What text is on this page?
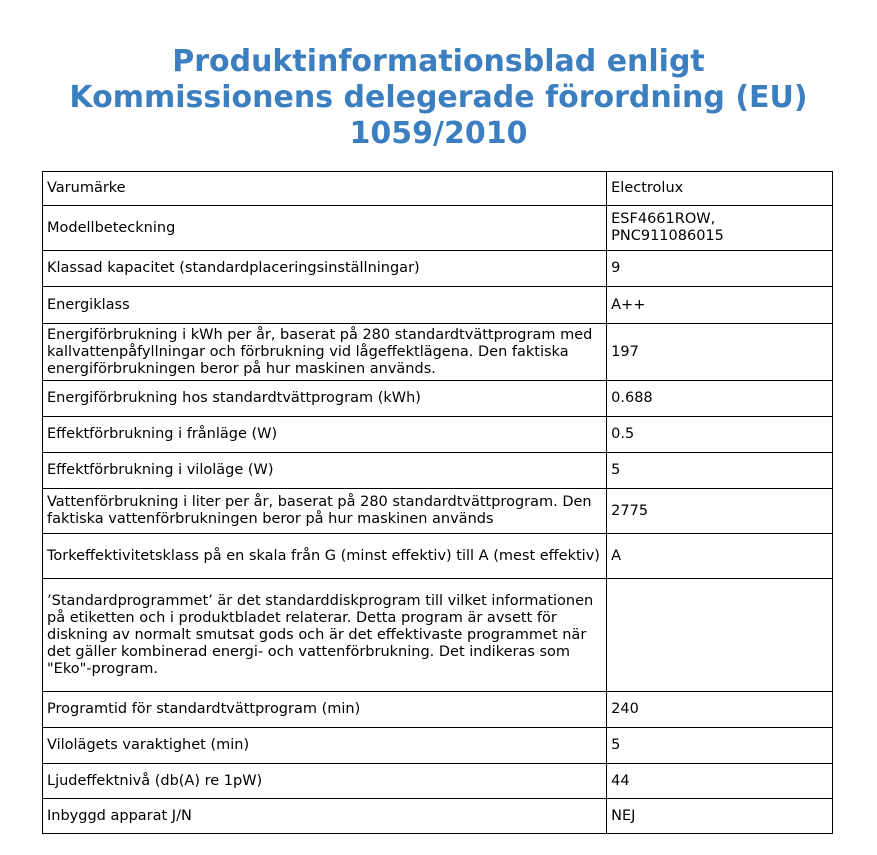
Produktinformationsblad enligt
Kommissionens delegerade förordning (EU)
1059/2010
Varumärke	Electrolux

Modellbeteckning	ESF4661ROW,
PNC911086015

Klassad kapacitet (standardplaceringsinställningar)	9

Energiklass	A++

Energiförbrukning i kWh per år, baserat på 280 standardtvättprogram med kallvattenpåfyllningar och förbrukning vid lågeffektlägena. Den faktiska energiförbrukningen beror på hur maskinen används.	197

Energiförbrukning hos standardtvättprogram (kWh)	0.688

Effektförbrukning i frånläge (W)	0.5

Effektförbrukning i viloläge (W)	5

Vattenförbrukning i liter per år, baserat på 280 standardtvättprogram. Den faktiska vattenförbrukningen beror på hur maskinen används	2775

Torkeffektivitetsklass på en skala från G (minst effektiv) till A (mest effektiv)	A

’Standardprogrammet’ är det standarddiskprogram till vilket informationen på etiketten och i produktbladet relaterar. Detta program är avsett för diskning av normalt smutsat gods och är det effektivaste programmet när det gäller kombinerad energi- och vattenförbrukning. Det indikeras som "Eko"-program.	

Programtid för standardtvättprogram (min)	240

Vilolägets varaktighet (min)	5

Ljudeffektnivå (db(A) re 1pW)	44

Inbyggd apparat J/N	NEJ
